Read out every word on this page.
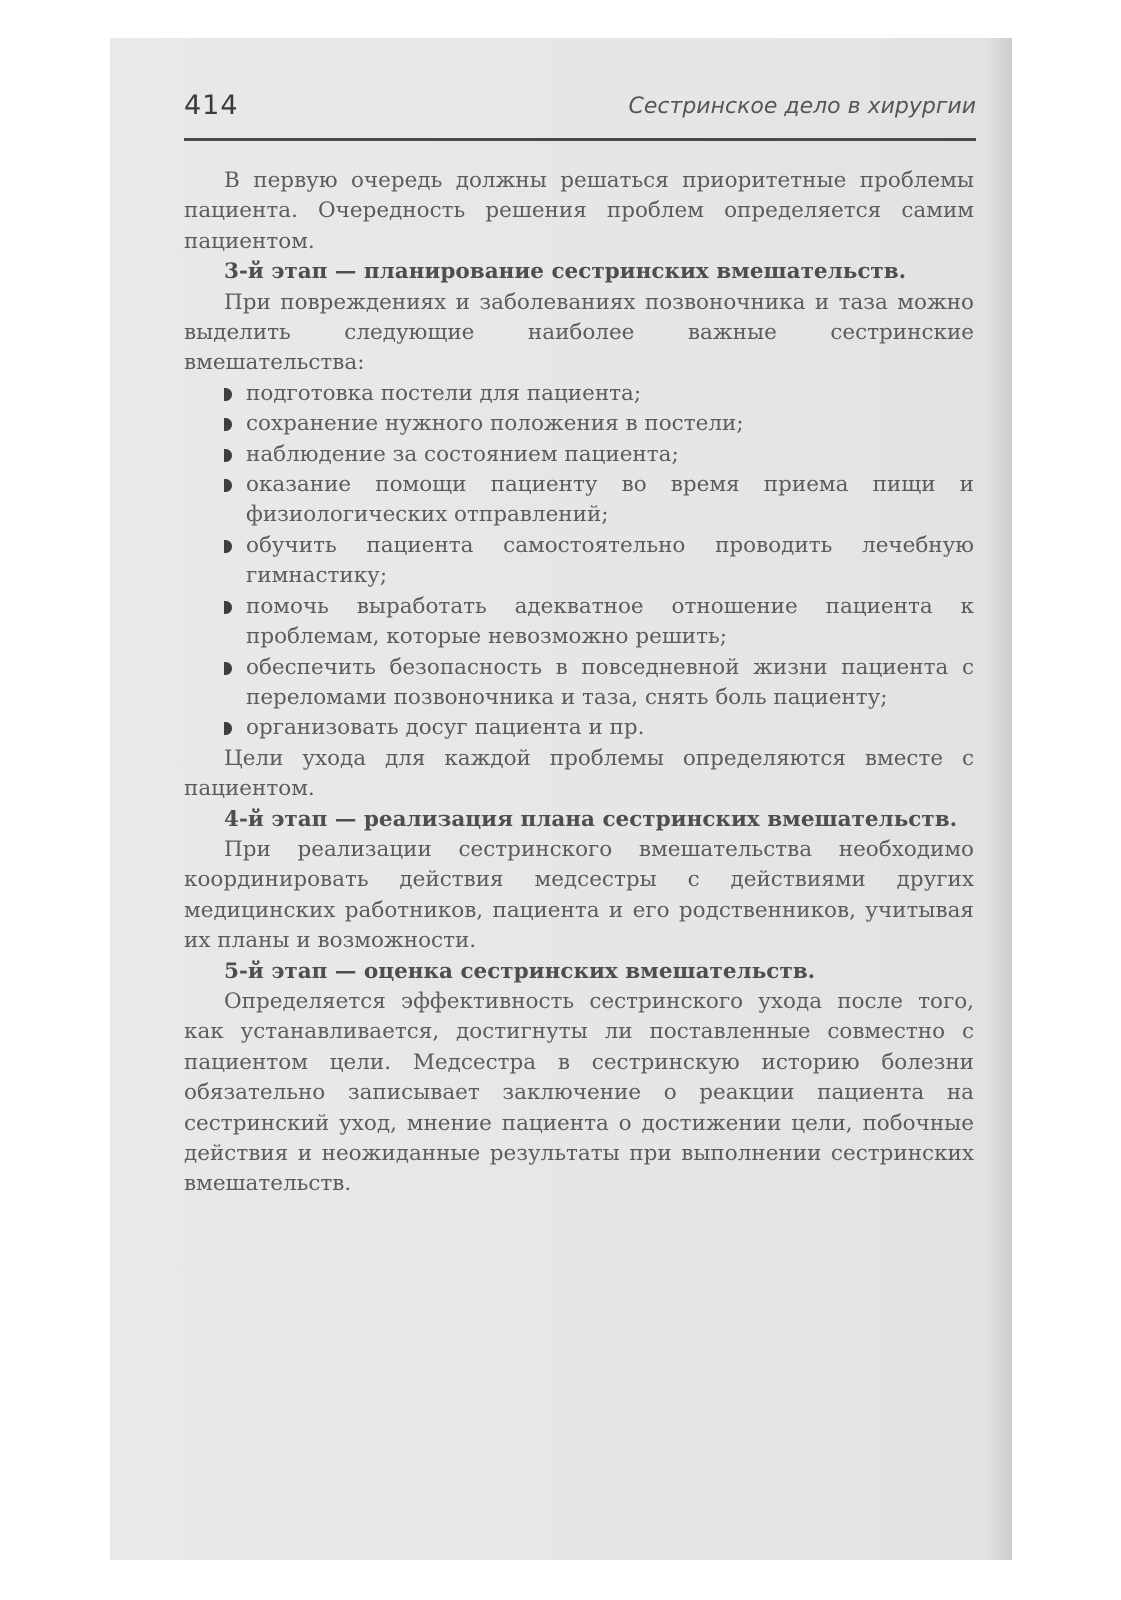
414	Сестринское дело в хирургии

В первую очередь должны решаться приоритетные проблемы пациента. Очередность решения проблем определяется самим пациентом.

3-й этап — планирование сестринских вмешательств.

При повреждениях и заболеваниях позвоночника и таза можно выделить следующие наиболее важные сестринские вмешательства:

подготовка постели для пациента;
сохранение нужного положения в постели;
наблюдение за состоянием пациента;
оказание помощи пациенту во время приема пищи и физиологических отправлений;
обучить пациента самостоятельно проводить лечебную гимнастику;
помочь выработать адекватное отношение пациента к проблемам, которые невозможно решить;
обеспечить безопасность в повседневной жизни пациента с переломами позвоночника и таза, снять боль пациенту;
организовать досуг пациента и пр.

Цели ухода для каждой проблемы определяются вместе с пациентом.

4-й этап — реализация плана сестринских вмешательств.

При реализации сестринского вмешательства необходимо координировать действия медсестры с действиями других медицинских работников, пациента и его родственников, учитывая их планы и возможности.

5-й этап — оценка сестринских вмешательств.

Определяется эффективность сестринского ухода после того, как устанавливается, достигнуты ли поставленные совместно с пациентом цели. Медсестра в сестринскую историю болезни обязательно записывает заключение о реакции пациента на сестринский уход, мнение пациента о достижении цели, побочные действия и неожиданные результаты при выполнении сестринских вмешательств.
